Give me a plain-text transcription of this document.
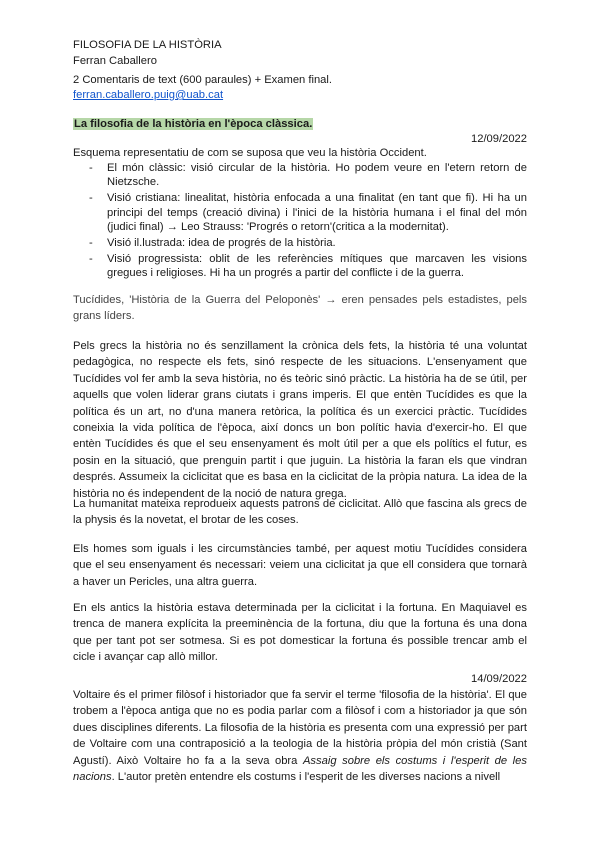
FILOSOFIA DE LA HISTÒRIA
Ferran Caballero
2 Comentaris de text (600 paraules) + Examen final.
ferran.caballero.puig@uab.cat
La filosofia de la història en l'època clàssica.
12/09/2022
Esquema representatiu de com se suposa que veu la història Occident.
- El món clàssic: visió circular de la història. Ho podem veure en l'etern retorn de Nietzsche.
- Visió cristiana: linealitat, història enfocada a una finalitat (en tant que fi). Hi ha un principi del temps (creació divina) i l'inici de la història humana i el final del món (judici final) → Leo Strauss: 'Progrés o retorn'(critica a la modernitat).
- Visió il.lustrada: idea de progrés de la història.
- Visió progressista: oblit de les referències mítiques que marcaven les visions gregues i religioses. Hi ha un progrés a partir del conflicte i de la guerra.
Tucídides, 'Història de la Guerra del Peloponès' → eren pensades pels estadistes, pels grans líders.
Pels grecs la història no és senzillament la crònica dels fets, la història té una voluntat pedagògica, no respecte els fets, sinó respecte de les situacions. L'ensenyament que Tucídides vol fer amb la seva història, no és teòric sinó pràctic. La història ha de se útil, per aquells que volen liderar grans ciutats i grans imperis. El que entèn Tucídides es que la política és un art, no d'una manera retòrica, la política és un exercici pràctic. Tucídides coneixia la vida política de l'època, així doncs un bon polític havia d'exercir-ho. El que entèn Tucídides és que el seu ensenyament és molt útil per a que els polítics el futur, es posin en la situació, que prenguin partit i que juguin. La història la faran els que vindran després. Assumeix la ciclicitat que es basa en la ciclicitat de la pròpia natura. La idea de la història no és independent de la noció de natura grega.
La humanitat mateixa reprodueix aquests patrons de ciclicitat. Allò que fascina als grecs de la physis és la novetat, el brotar de les coses.
Els homes som iguals i les circumstàncies també, per aquest motiu Tucídides considera que el seu ensenyament és necessari: veiem una ciclicitat ja que ell considera que tornarà a haver un Pericles, una altra guerra.
En els antics la història estava determinada per la ciclicitat i la fortuna. En Maquiavel es trenca de manera explícita la preeminència de la fortuna, diu que la fortuna és una dona que per tant pot ser sotmesa. Si es pot domesticar la fortuna és possible trencar amb el cicle i avançar cap allò millor.
14/09/2022
Voltaire és el primer filòsof i historiador que fa servir el terme 'filosofia de la història'. El que trobem a l'època antiga que no es podia parlar com a filòsof i com a historiador ja que són dues disciplines diferents. La filosofia de la història es presenta com una expressió per part de Voltaire com una contraposició a la teologia de la història pròpia del món cristià (Sant Agustí). Això Voltaire ho fa a la seva obra Assaig sobre els costums i l'esperit de les nacions. L'autor pretèn entendre els costums i l'esperit de les diverses nacions a nivell
